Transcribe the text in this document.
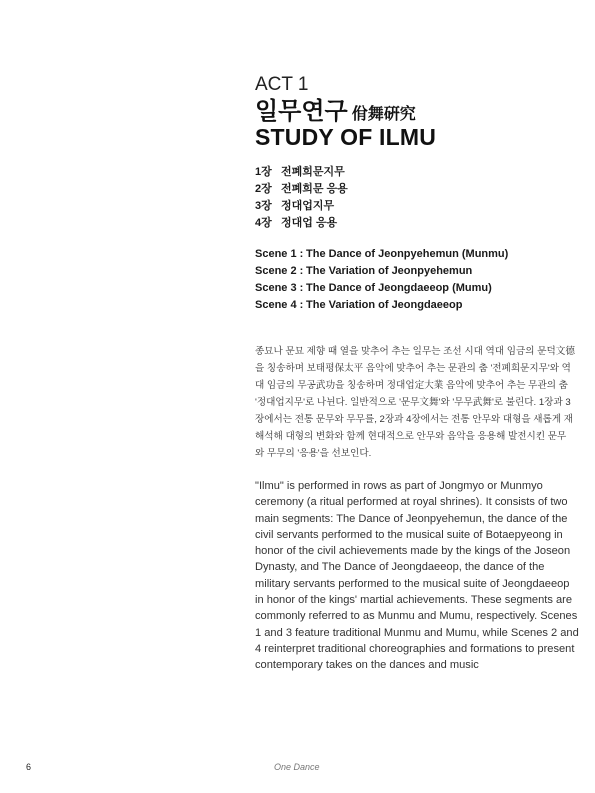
ACT 1
일무연구 佾舞硏究
STUDY OF ILMU
1장 전폐희문지무
2장 전폐희문 응용
3장 정대업지무
4장 정대업 응용
Scene 1 : The Dance of Jeonpyehemun (Munmu)
Scene 2 : The Variation of Jeonpyehemun
Scene 3 : The Dance of Jeongdaeeop (Mumu)
Scene 4 : The Variation of Jeongdaeeop

종묘나 문묘 제향 때 열을 맞추어 추는 일무는 조선 시대 역대 임금의 문덕文德을 칭송하며 보태평保太平 음악에 맞추어 추는 문관의 춤 '전폐희문지무'와 역대 임금의 무공武功을 칭송하며 정대업定大業 음악에 맞추어 추는 무관의 춤 '정대업지무'로 나뉜다. 일반적으로 '문무文舞'와 '무무武舞'로 불린다. 1장과 3장에서는 전통 문무와 무무를, 2장과 4장에서는 전통 안무와 대형을 새롭게 재해석해 대형의 변화와 함께 현대적으로 안무와 음악을 응용해 발전시킨 문무와 무무의 '응용'을 선보인다.

"Ilmu" is performed in rows as part of Jongmyo or Munmyo ceremony (a ritual performed at royal shrines). It consists of two main segments: The Dance of Jeonpyehemun, the dance of the civil servants performed to the musical suite of Botaepyeong in honor of the civil achievements made by the kings of the Joseon Dynasty, and The Dance of Jeongdaeeop, the dance of the military servants performed to the musical suite of Jeongdaeeop in honor of the kings' martial achievements. These segments are commonly referred to as Munmu and Mumu, respectively. Scenes 1 and 3 feature traditional Munmu and Mumu, while Scenes 2 and 4 reinterpret traditional choreographies and formations to present contemporary takes on the dances and music

6	One Dance
